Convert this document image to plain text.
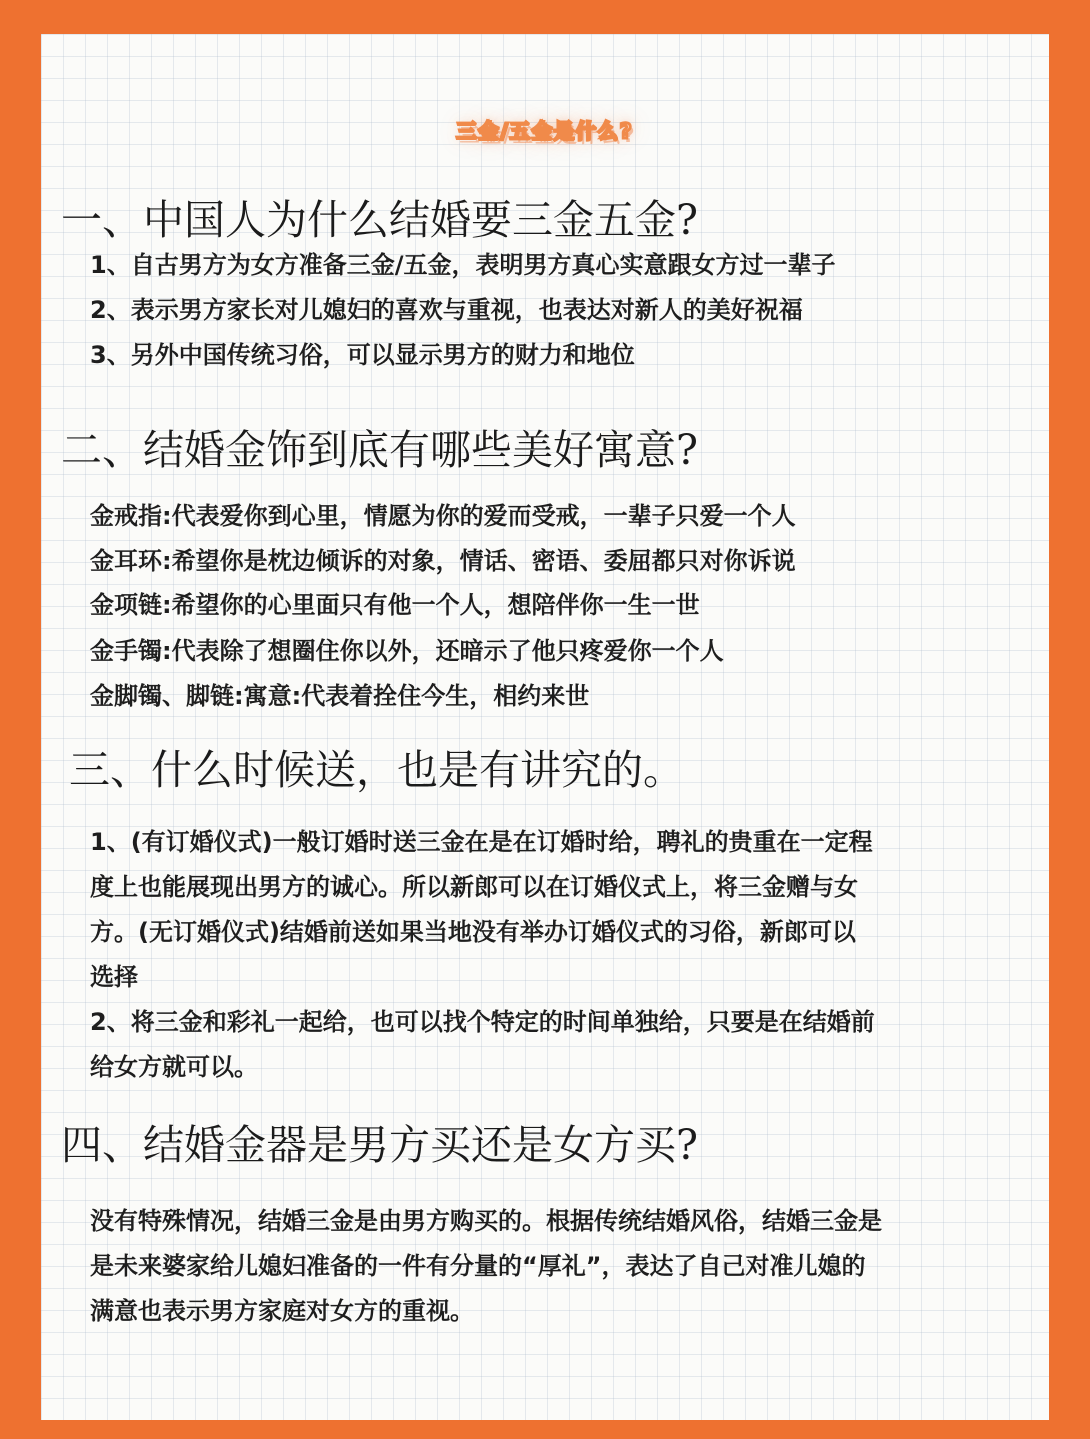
三金/五金是什么?
一、中国人为什么结婚要三金五金?
1、自古男方为女方准备三金/五金，表明男方真心实意跟女方过一辈子
2、表示男方家长对儿媳妇的喜欢与重视，也表达对新人的美好祝福
3、另外中国传统习俗，可以显示男方的财力和地位
二、结婚金饰到底有哪些美好寓意?
金戒指:代表爱你到心里，情愿为你的爱而受戒，一辈子只爱一个人
金耳环:希望你是枕边倾诉的对象，情话、密语、委屈都只对你诉说
金项链:希望你的心里面只有他一个人，想陪伴你一生一世
金手镯:代表除了想圈住你以外，还暗示了他只疼爱你一个人
金脚镯、脚链:寓意:代表着拴住今生，相约来世
三、什么时候送，也是有讲究的。
1、(有订婚仪式)一般订婚时送三金在是在订婚时给，聘礼的贵重在一定程
度上也能展现出男方的诚心。所以新郎可以在订婚仪式上，将三金赠与女
方。(无订婚仪式)结婚前送如果当地没有举办订婚仪式的习俗，新郎可以
选择
2、将三金和彩礼一起给，也可以找个特定的时间单独给，只要是在结婚前
给女方就可以。
四、结婚金器是男方买还是女方买?
没有特殊情况，结婚三金是由男方购买的。根据传统结婚风俗，结婚三金是
是未来婆家给儿媳妇准备的一件有分量的“厚礼”，表达了自己对准儿媳的
满意也表示男方家庭对女方的重视。
